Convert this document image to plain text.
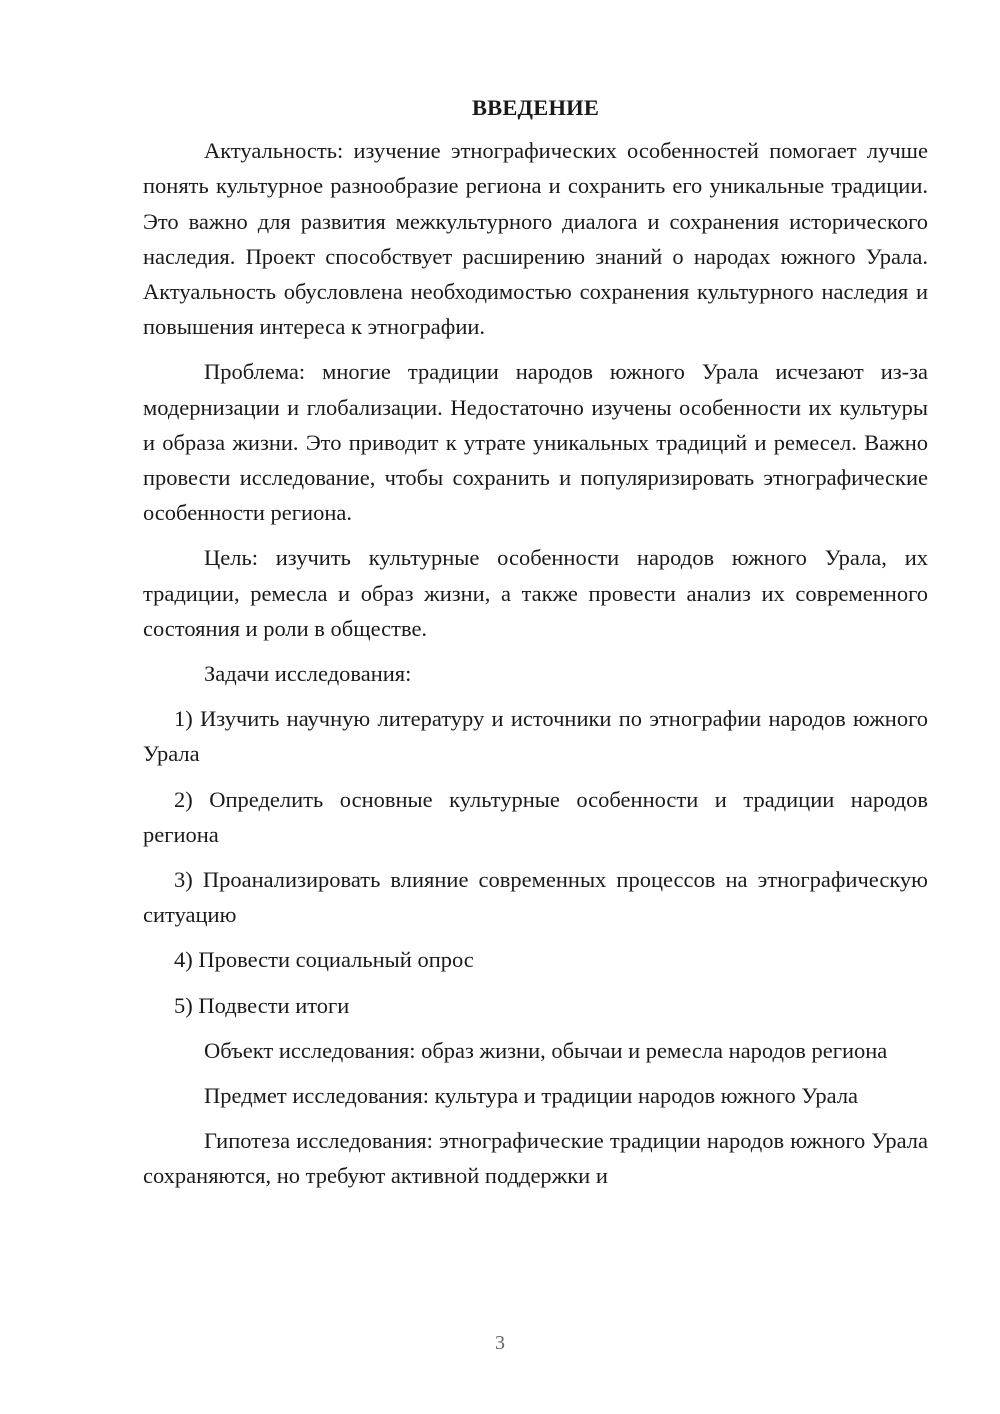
ВВЕДЕНИЕ

Актуальность: изучение этнографических особенностей помогает лучше понять культурное разнообразие региона и сохранить его уникальные традиции. Это важно для развития межкультурного диалога и сохранения исторического наследия. Проект способствует расширению знаний о народах южного Урала. Актуальность обусловлена необходимостью сохранения культурного наследия и повышения интереса к этнографии.

Проблема: многие традиции народов южного Урала исчезают из-за модернизации и глобализации. Недостаточно изучены особенности их культуры и образа жизни. Это приводит к утрате уникальных традиций и ремесел. Важно провести исследование, чтобы сохранить и популяризировать этнографические особенности региона.

Цель: изучить культурные особенности народов южного Урала, их традиции, ремесла и образ жизни, а также провести анализ их современного состояния и роли в обществе.

Задачи исследования:

1) Изучить научную литературу и источники по этнографии народов южного Урала

2) Определить основные культурные особенности и традиции народов региона

3) Проанализировать влияние современных процессов на этнографическую ситуацию

4) Провести социальный опрос

5) Подвести итоги

Объект исследования: образ жизни, обычаи и ремесла народов региона

Предмет исследования: культура и традиции народов южного Урала

Гипотеза исследования: этнографические традиции народов южного Урала сохраняются, но требуют активной поддержки и

3
